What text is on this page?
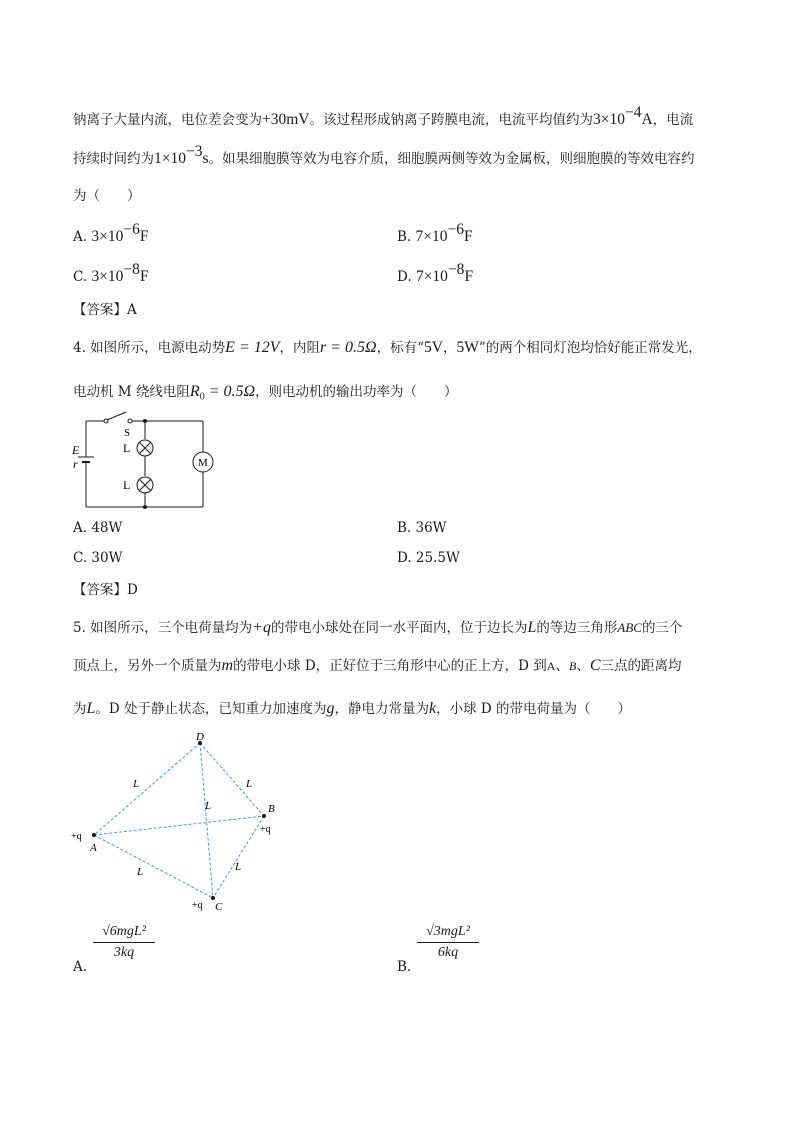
钠离子大量内流，电位差会变为+30mV。该过程形成钠离子跨膜电流，电流平均值约为$3\times 10^{-4}A$，电流
持续时间约为$1\times 10^{-3}s$。如果细胞膜等效为电容介质，细胞膜两侧等效为金属板，则细胞膜的等效电容约
为（　　）
A. $3\times 10^{-6}F$	B. $7\times 10^{-6}F$
C. $3\times 10^{-8}F$	D. $7\times 10^{-8}F$
【答案】A
4. 如图所示，电源电动势E = 12V，内阻r = 0.5Ω，标有“5V，5W”的两个相同灯泡均恰好能正常发光，
电动机 M 绕线电阻$R_0 = 0.5\Omega$，则电动机的输出功率为（　　）
S
E
r
L
L
M
A. 48W	B. 36W
C. 30W	D. 25.5W
【答案】D
5. 如图所示，三个电荷量均为+q的带电小球处在同一水平面内，位于边长为L的等边三角形ABC的三个
顶点上，另外一个质量为m的带电小球 D，正好位于三角形中心的正上方，D 到A、B、C三点的距离均
为L。D 处于静止状态，已知重力加速度为g，静电力常量为k，小球 D 的带电荷量为（　　）
D
A
B
C
L	L
L
L	L
+q
+q
+q
A.
√6mgL²
3kq
B.
√3mgL²
6kq
